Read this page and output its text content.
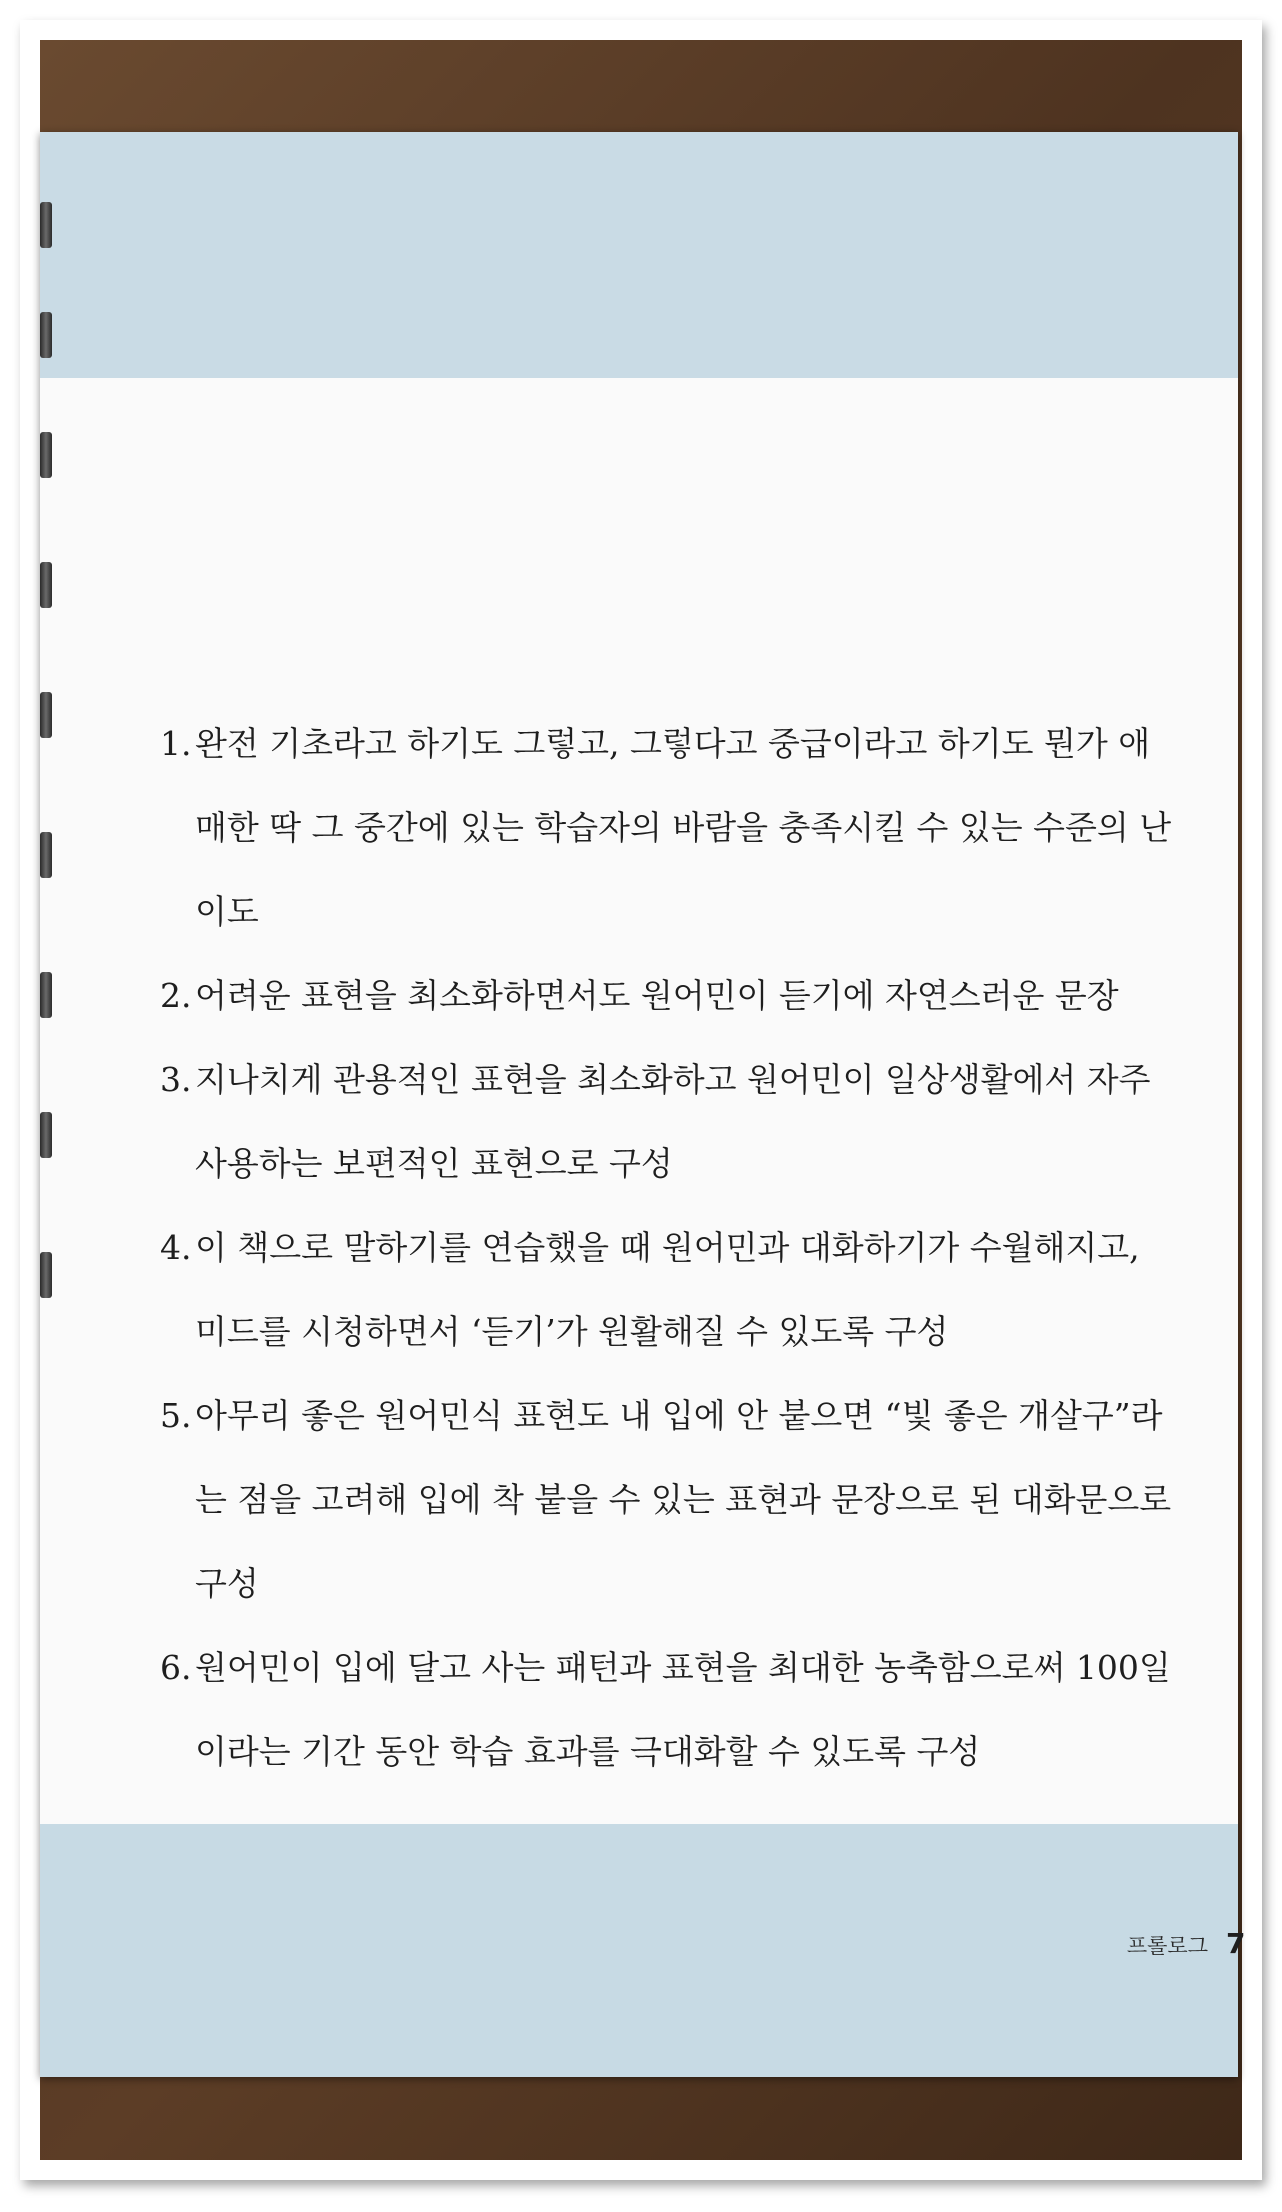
1. 완전 기초라고 하기도 그렇고, 그렇다고 중급이라고 하기도 뭔가 애매한 딱 그 중간에 있는 학습자의 바람을 충족시킬 수 있는 수준의 난이도
2. 어려운 표현을 최소화하면서도 원어민이 듣기에 자연스러운 문장
3. 지나치게 관용적인 표현을 최소화하고 원어민이 일상생활에서 자주 사용하는 보편적인 표현으로 구성
4. 이 책으로 말하기를 연습했을 때 원어민과 대화하기가 수월해지고, 미드를 시청하면서 ‘듣기’가 원활해질 수 있도록 구성
5. 아무리 좋은 원어민식 표현도 내 입에 안 붙으면 “빛 좋은 개살구”라는 점을 고려해 입에 착 붙을 수 있는 표현과 문장으로 된 대화문으로 구성
6. 원어민이 입에 달고 사는 패턴과 표현을 최대한 농축함으로써 100일이라는 기간 동안 학습 효과를 극대화할 수 있도록 구성
프롤로그 7
